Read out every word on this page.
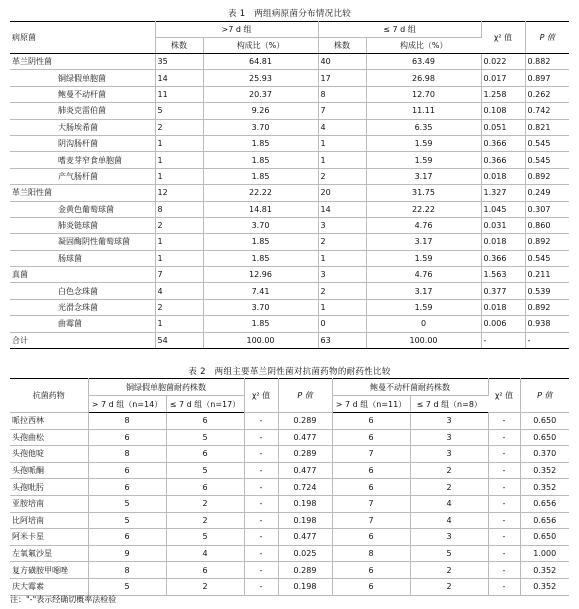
表 1　两组病原菌分布情况比较
病原菌	>7 d 组		≤ 7 d 组		χ² 值	P 值
	株数	构成比（%）	株数	构成比（%）		
革兰阴性菌	35	64.81	40	63.49	0.022	0.882
铜绿假单胞菌	14	25.93	17	26.98	0.017	0.897
鲍曼不动杆菌	11	20.37	8	12.70	1.258	0.262
肺炎克雷伯菌	5	9.26	7	11.11	0.108	0.742
大肠埃希菌	2	3.70	4	6.35	0.051	0.821
阴沟肠杆菌	1	1.85	1	1.59	0.366	0.545
嗜麦芽窄食单胞菌	1	1.85	1	1.59	0.366	0.545
产气肠杆菌	1	1.85	2	3.17	0.018	0.892
革兰阳性菌	12	22.22	20	31.75	1.327	0.249
金黄色葡萄球菌	8	14.81	14	22.22	1.045	0.307
肺炎链球菌	2	3.70	3	4.76	0.031	0.860
凝固酶阴性葡萄球菌	1	1.85	2	3.17	0.018	0.892
肠球菌	1	1.85	1	1.59	0.366	0.545
真菌	7	12.96	3	4.76	1.563	0.211
白色念珠菌	4	7.41	2	3.17	0.377	0.539
光滑念珠菌	2	3.70	1	1.59	0.018	0.892
曲霉菌	1	1.85	0	0	0.006	0.938
合计	54	100.00	63	100.00	-	-
表 2　两组主要革兰阴性菌对抗菌药物的耐药性比较
抗菌药物	铜绿假单胞菌耐药株数		χ² 值	P 值	鲍曼不动杆菌耐药株数		χ² 值	P 值
	> 7 d 组（n=14）	≤ 7 d 组（n=17）			> 7 d 组（n=11）	≤ 7 d 组（n=8）		
哌拉西林	8	6	-	0.289	6	3	-	0.650
头孢曲松	6	5	-	0.477	6	3	-	0.650
头孢他啶	8	6	-	0.289	7	3	-	0.370
头孢哌酮	6	5	-	0.477	6	2	-	0.352
头孢吡肟	6	6	-	0.724	6	2	-	0.352
亚胺培南	5	2	-	0.198	7	4	-	0.656
比阿培南	5	2	-	0.198	7	4	-	0.656
阿米卡星	6	5	-	0.477	6	3	-	0.650
左氧氟沙星	9	4	-	0.025	8	5	-	1.000
复方磺胺甲噁唑	8	6	-	0.289	6	2	-	0.352
庆大霉素	5	2	-	0.198	6	2	-	0.352
注："-"表示经确切概率法检验
